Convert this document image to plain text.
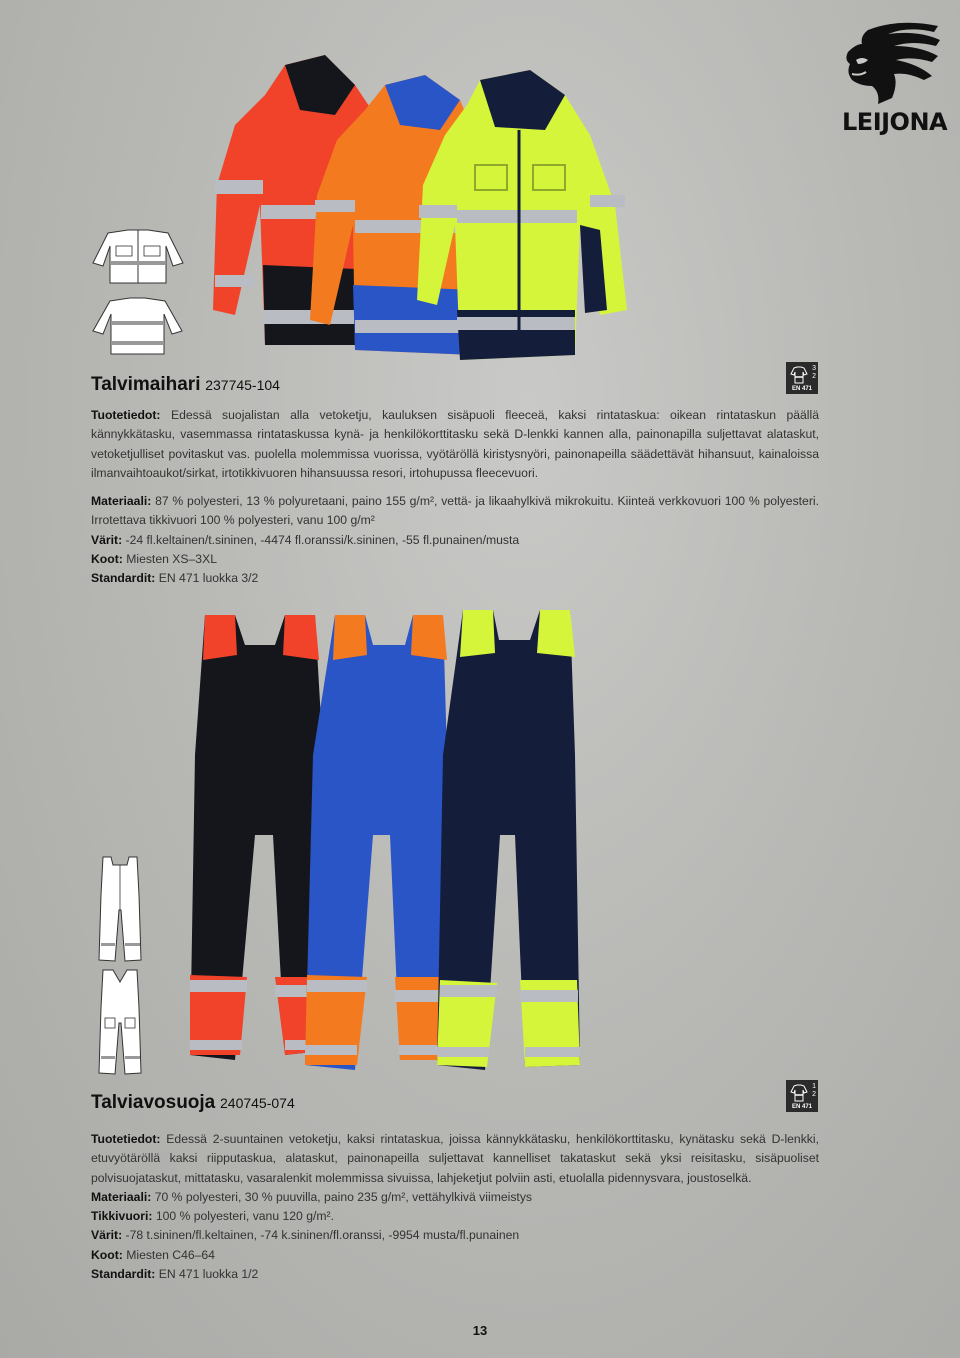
LEIJONA
Talvimaihari 237745-104
3
2
EN 471

Tuotetiedot: Edessä suojalistan alla vetoketju, kauluksen sisäpuoli fleeceä, kaksi rintataskua: oikean rintataskun päällä kännykkätasku, vasemmassa rintataskussa kynä- ja henkilökorttitasku sekä D-lenkki kannen alla, painonapilla suljettavat alataskut, vetoketjulliset povitaskut vas. puolella molemmissa vuorissa, vyötäröllä kiristysnyöri, painonapeilla säädettävät hihansuut, kainaloissa ilmanvaihtoaukot/sirkat, irtotikkivuoren hihansuussa resori, irtohupussa fleecevuori.

Materiaali: 87 % polyesteri, 13 % polyuretaani, paino 155 g/m², vettä- ja likaahylkivä mikrokuitu. Kiinteä verkkovuori 100 % polyesteri. Irrotettava tikkivuori 100 % polyesteri, vanu 100 g/m²

Värit: -24 fl.keltainen/t.sininen, -4474 fl.oranssi/k.sininen, -55 fl.punainen/musta

Koot: Miesten XS–3XL

Standardit: EN 471 luokka 3/2

Talviavosuoja 240745-074
1
2
EN 471

Tuotetiedot: Edessä 2-suuntainen vetoketju, kaksi rintataskua, joissa kännykkätasku, henkilökorttitasku, kynätasku sekä D-lenkki, etuvyötäröllä kaksi riipputaskua, alataskut, painonapeilla suljettavat kannelliset takataskut sekä yksi reisitasku, sisäpuoliset polvisuojataskut, mittatasku, vasaralenkit molemmissa sivuissa, lahjeketjut polviin asti, etuolalla pidennysvara, joustoselkä.

Materiaali: 70 % polyesteri, 30 % puuvilla, paino 235 g/m², vettähylkivä viimeistys

Tikkivuori: 100 % polyesteri, vanu 120 g/m².

Värit: -78 t.sininen/fl.keltainen, -74 k.sininen/fl.oranssi, -9954 musta/fl.punainen

Koot: Miesten C46–64

Standardit: EN 471 luokka 1/2

13
